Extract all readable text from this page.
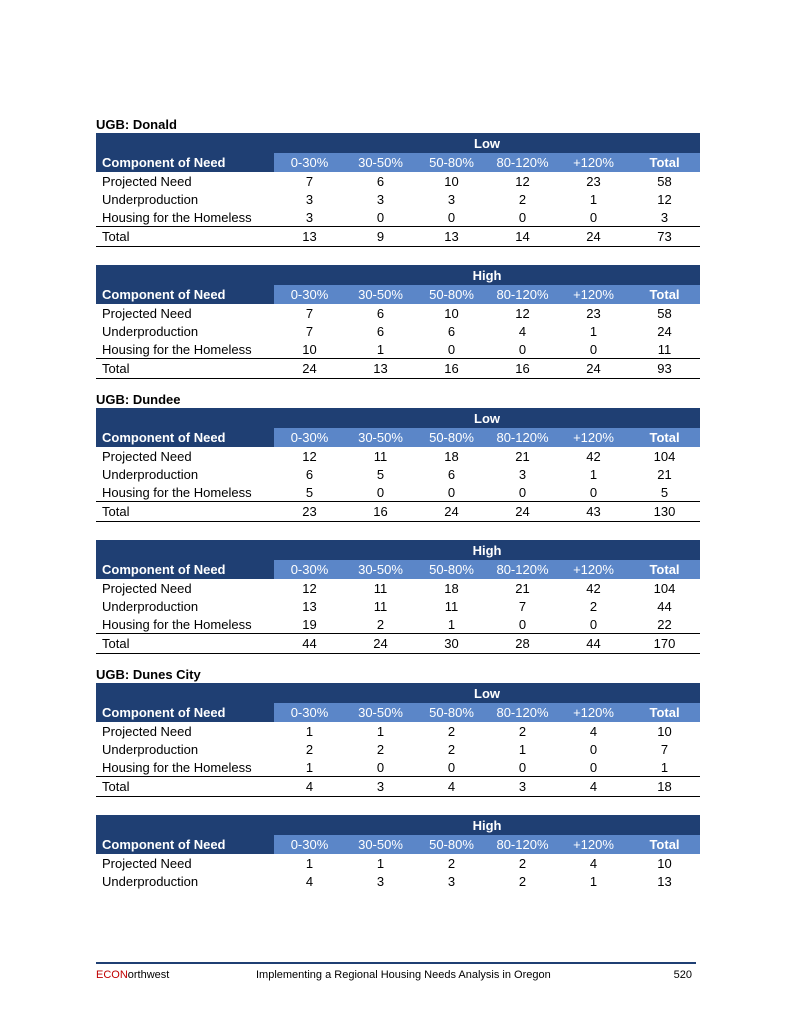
UGB: Donald
	Low					
Component of Need	0-30%	30-50%	50-80%	80-120%	+120%	Total
Projected Need	7	6	10	12	23	58
Underproduction	3	3	3	2	1	12
Housing for the Homeless	3	0	0	0	0	3
Total	13	9	13	14	24	73
	High					
Component of Need	0-30%	30-50%	50-80%	80-120%	+120%	Total
Projected Need	7	6	10	12	23	58
Underproduction	7	6	6	4	1	24
Housing for the Homeless	10	1	0	0	0	11
Total	24	13	16	16	24	93
UGB: Dundee
	Low					
Component of Need	0-30%	30-50%	50-80%	80-120%	+120%	Total
Projected Need	12	11	18	21	42	104
Underproduction	6	5	6	3	1	21
Housing for the Homeless	5	0	0	0	0	5
Total	23	16	24	24	43	130
	High					
Component of Need	0-30%	30-50%	50-80%	80-120%	+120%	Total
Projected Need	12	11	18	21	42	104
Underproduction	13	11	11	7	2	44
Housing for the Homeless	19	2	1	0	0	22
Total	44	24	30	28	44	170
UGB: Dunes City
	Low					
Component of Need	0-30%	30-50%	50-80%	80-120%	+120%	Total
Projected Need	1	1	2	2	4	10
Underproduction	2	2	2	1	0	7
Housing for the Homeless	1	0	0	0	0	1
Total	4	3	4	3	4	18
	High					
Component of Need	0-30%	30-50%	50-80%	80-120%	+120%	Total
Projected Need	1	1	2	2	4	10
Underproduction	4	3	3	2	1	13
ECONorthwest	Implementing a Regional Housing Needs Analysis in Oregon	520
